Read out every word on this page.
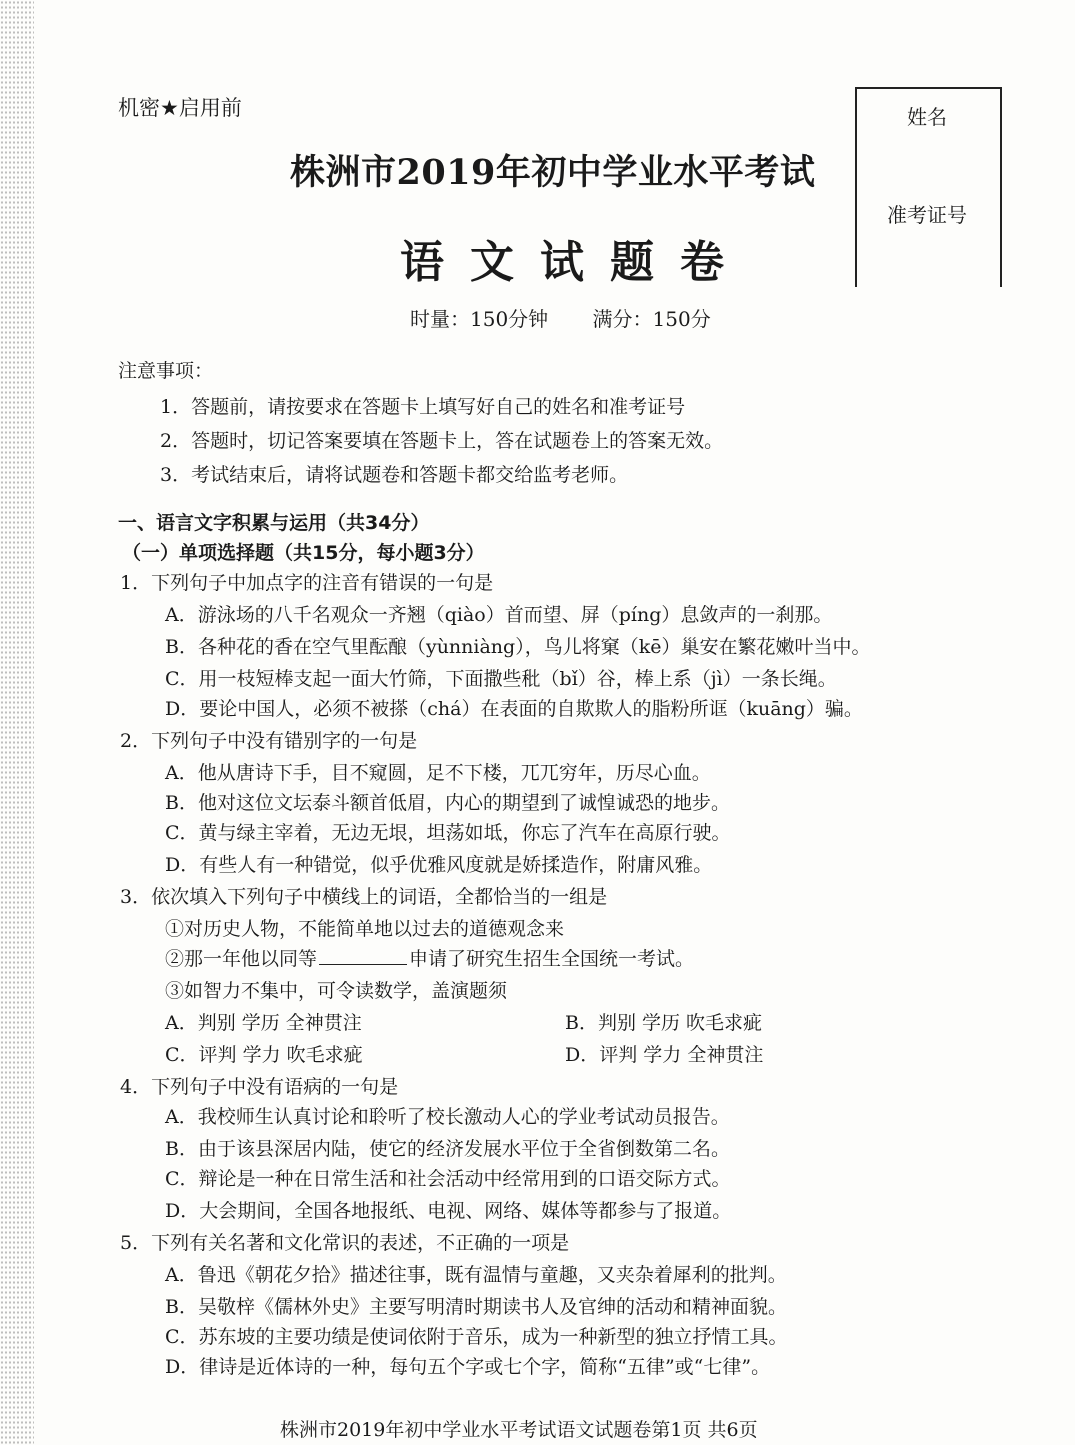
机密★启用前
株洲市2019年初中学业水平考试
语文试题卷
时量：150分钟 满分：150分
姓名
准考证号
注意事项：
1．答题前，请按要求在答题卡上填写好自己的姓名和准考证号
2．答题时，切记答案要填在答题卡上，答在试题卷上的答案无效。
3．考试结束后，请将试题卷和答题卡都交给监考老师。
一、语言文字积累与运用（共34分）
（一）单项选择题（共15分，每小题3分）
1．下列句子中加点字的注音有错误的一句是
A．游泳场的八千名观众一齐翘（qiào）首而望、屏（píng）息敛声的一刹那。
B．各种花的香在空气里酝酿（yùnniàng），鸟儿将窠（kē）巢安在繁花嫩叶当中。
C．用一枝短棒支起一面大竹筛，下面撒些秕（bǐ）谷，棒上系（jì）一条长绳。
D．要论中国人，必须不被搽（chá）在表面的自欺欺人的脂粉所诓（kuāng）骗。
2．下列句子中没有错别字的一句是
A．他从唐诗下手，目不窥圆，足不下楼，兀兀穷年，历尽心血。
B．他对这位文坛泰斗额首低眉，内心的期望到了诚惶诚恐的地步。
C．黄与绿主宰着，无边无垠，坦荡如坻，你忘了汽车在高原行驶。
D．有些人有一种错觉，似乎优雅风度就是娇揉造作，附庸风雅。
3．依次填入下列句子中横线上的词语，全都恰当的一组是
①对历史人物，不能简单地以过去的道德观念来
②那一年他以同等	申请了研究生招生全国统一考试。
③如智力不集中，可令读数学，盖演题须
A．判别 学历 全神贯注	B．判别 学历 吹毛求疵
C．评判 学力 吹毛求疵	D．评判 学力 全神贯注
4．下列句子中没有语病的一句是
A．我校师生认真讨论和聆听了校长激动人心的学业考试动员报告。
B．由于该县深居内陆，使它的经济发展水平位于全省倒数第二名。
C．辩论是一种在日常生活和社会活动中经常用到的口语交际方式。
D．大会期间，全国各地报纸、电视、网络、媒体等都参与了报道。
5．下列有关名著和文化常识的表述，不正确的一项是
A．鲁迅《朝花夕拾》描述往事，既有温情与童趣，又夹杂着犀利的批判。
B．吴敬梓《儒林外史》主要写明清时期读书人及官绅的活动和精神面貌。
C．苏东坡的主要功绩是使词依附于音乐，成为一种新型的独立抒情工具。
D．律诗是近体诗的一种，每句五个字或七个字，简称“五律”或“七律”。
株洲市2019年初中学业水平考试语文试题卷第1页 共6页
